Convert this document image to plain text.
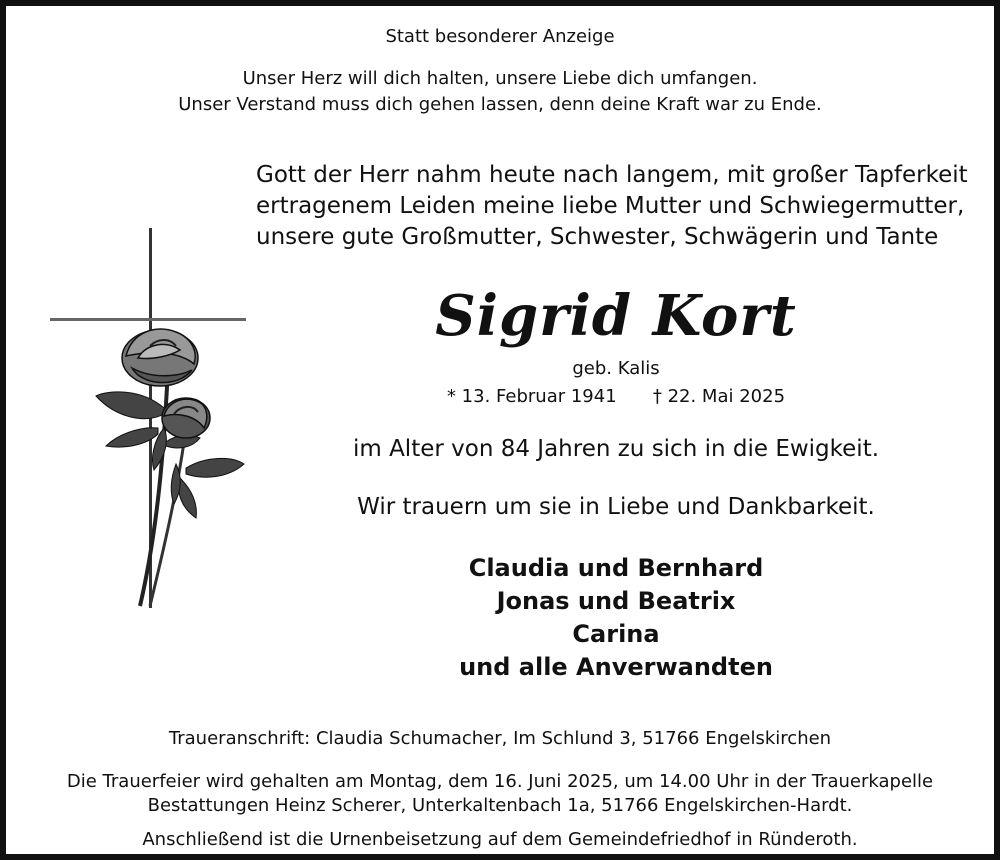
Statt besonderer Anzeige
Unser Herz will dich halten, unsere Liebe dich umfangen.
Unser Verstand muss dich gehen lassen, denn deine Kraft war zu Ende.
Gott der Herr nahm heute nach langem, mit großer Tapferkeit
ertragenem Leiden meine liebe Mutter und Schwiegermutter,
unsere gute Großmutter, Schwester, Schwägerin und Tante
Sigrid Kort
geb. Kalis
* 13. Februar 1941 † 22. Mai 2025
im Alter von 84 Jahren zu sich in die Ewigkeit.
Wir trauern um sie in Liebe und Dankbarkeit.
Claudia und Bernhard
Jonas und Beatrix
Carina
und alle Anverwandten
Traueranschrift: Claudia Schumacher, Im Schlund 3, 51766 Engelskirchen
Die Trauerfeier wird gehalten am Montag, dem 16. Juni 2025, um 14.00 Uhr in der Trauerkapelle
Bestattungen Heinz Scherer, Unterkaltenbach 1a, 51766 Engelskirchen-Hardt.
Anschließend ist die Urnenbeisetzung auf dem Gemeindefriedhof in Ründeroth.
